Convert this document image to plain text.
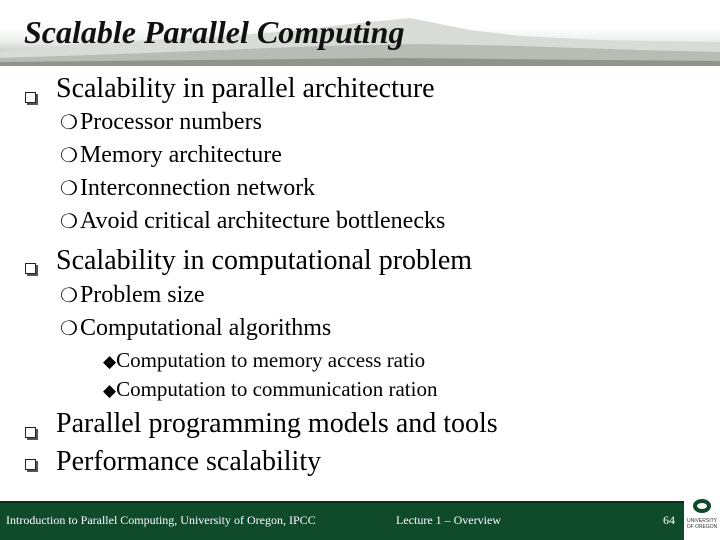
Scalable Parallel Computing
Scalability in parallel architecture
❍Processor numbers
❍Memory architecture
❍Interconnection network
❍Avoid critical architecture bottlenecks
Scalability in computational problem
❍Problem size
❍Computational algorithms
◆Computation to memory access ratio
◆Computation to communication ration
Parallel programming models and tools
Performance scalability
Introduction to Parallel Computing, University of Oregon, IPCC	Lecture 1 – Overview	64 UNIVERSITY OF OREGON
